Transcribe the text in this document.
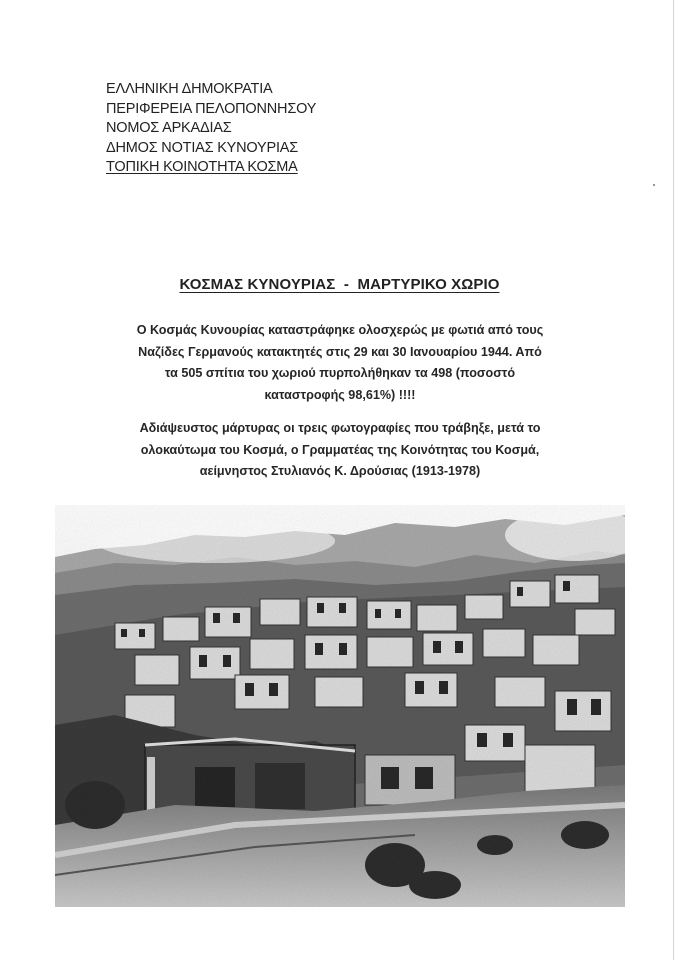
ΕΛΛΗΝΙΚΗ ΔΗΜΟΚΡΑΤΙΑ
ΠΕΡΙΦΕΡΕΙΑ ΠΕΛΟΠΟΝΝΗΣΟΥ
ΝΟΜΟΣ ΑΡΚΑΔΙΑΣ
ΔΗΜΟΣ ΝΟΤΙΑΣ ΚΥΝΟΥΡΙΑΣ
ΤΟΠΙΚΗ ΚΟΙΝΟΤΗΤΑ ΚΟΣΜΑ
ΚΟΣΜΑΣ ΚΥΝΟΥΡΙΑΣ  -  ΜΑΡΤΥΡΙΚΟ ΧΩΡΙΟ
Ο Κοσμάς Κυνουρίας καταστράφηκε ολοσχερώς με φωτιά από τους
Ναζίδες Γερμανούς κατακτητές στις 29 και 30 Ιανουαρίου 1944. Από
τα 505 σπίτια του χωριού πυρπολήθηκαν τα 498 (ποσοστό
καταστροφής 98,61%) !!!!
Αδιάψευστος μάρτυρας οι τρεις φωτογραφίες που τράβηξε, μετά το
ολοκαύτωμα του Κοσμά, ο Γραμματέας της Κοινότητας του Κοσμά,
αείμνηστος Στυλιανός Κ. Δρούσιας (1913-1978)
